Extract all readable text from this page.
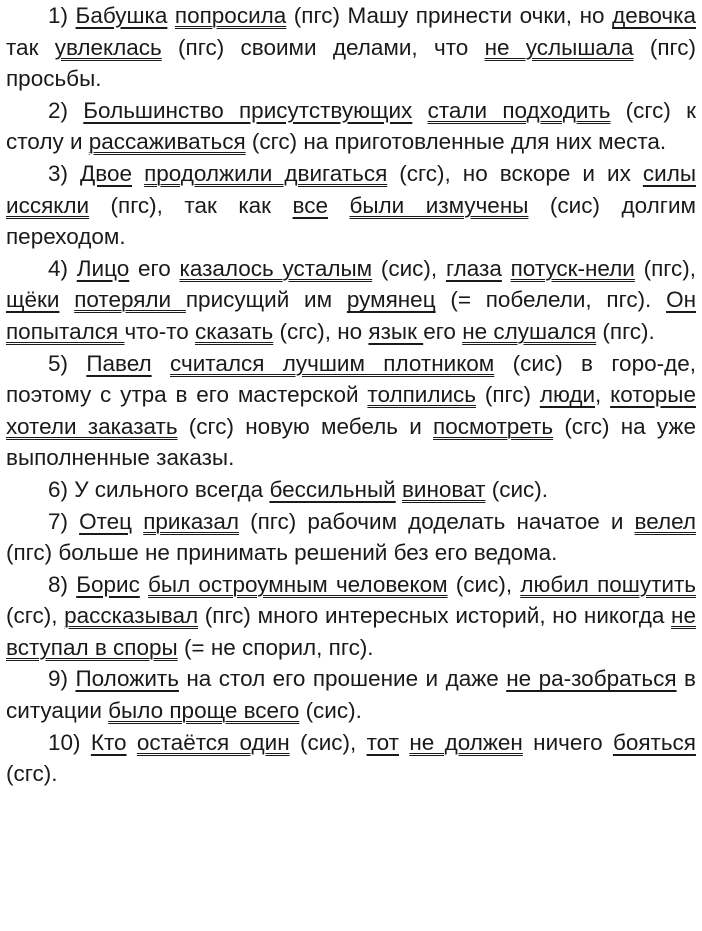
1) Бабушка попросила (пгс) Машу принести очки, но девочка так увлеклась (пгс) своими делами, что не услышала (пгс) просьбы.

2) Большинство присутствующих стали подходить (сгс) к столу и рассаживаться (сгс) на приготовленные для них места.

3) Двое продолжили двигаться (сгс), но вскоре и их силы иссякли (пгс), так как все были измучены (сис) долгим переходом.

4) Лицо его казалось усталым (сис), глаза потуск-нели (пгс), щёки потеряли присущий им румянец (= побелели, пгс). Он попытался что-то сказать (сгс), но язык его не слушался (пгс).

5) Павел считался лучшим плотником (сис) в горо-де, поэтому с утра в его мастерской толпились (пгс) люди, которые хотели заказать (сгс) новую мебель и посмотреть (сгс) на уже выполненные заказы.

6) У сильного всегда бессильный виноват (сис).

7) Отец приказал (пгс) рабочим доделать начатое и велел (пгс) больше не принимать решений без его ведома.

8) Борис был остроумным человеком (сис), любил пошутить (сгс), рассказывал (пгс) много интересных историй, но никогда не вступал в споры (= не спорил, пгс).

9) Положить на стол его прошение и даже не ра-зобраться в ситуации было проще всего (сис).

10) Кто остаётся один (сис), тот не должен ничего бояться (сгс).
